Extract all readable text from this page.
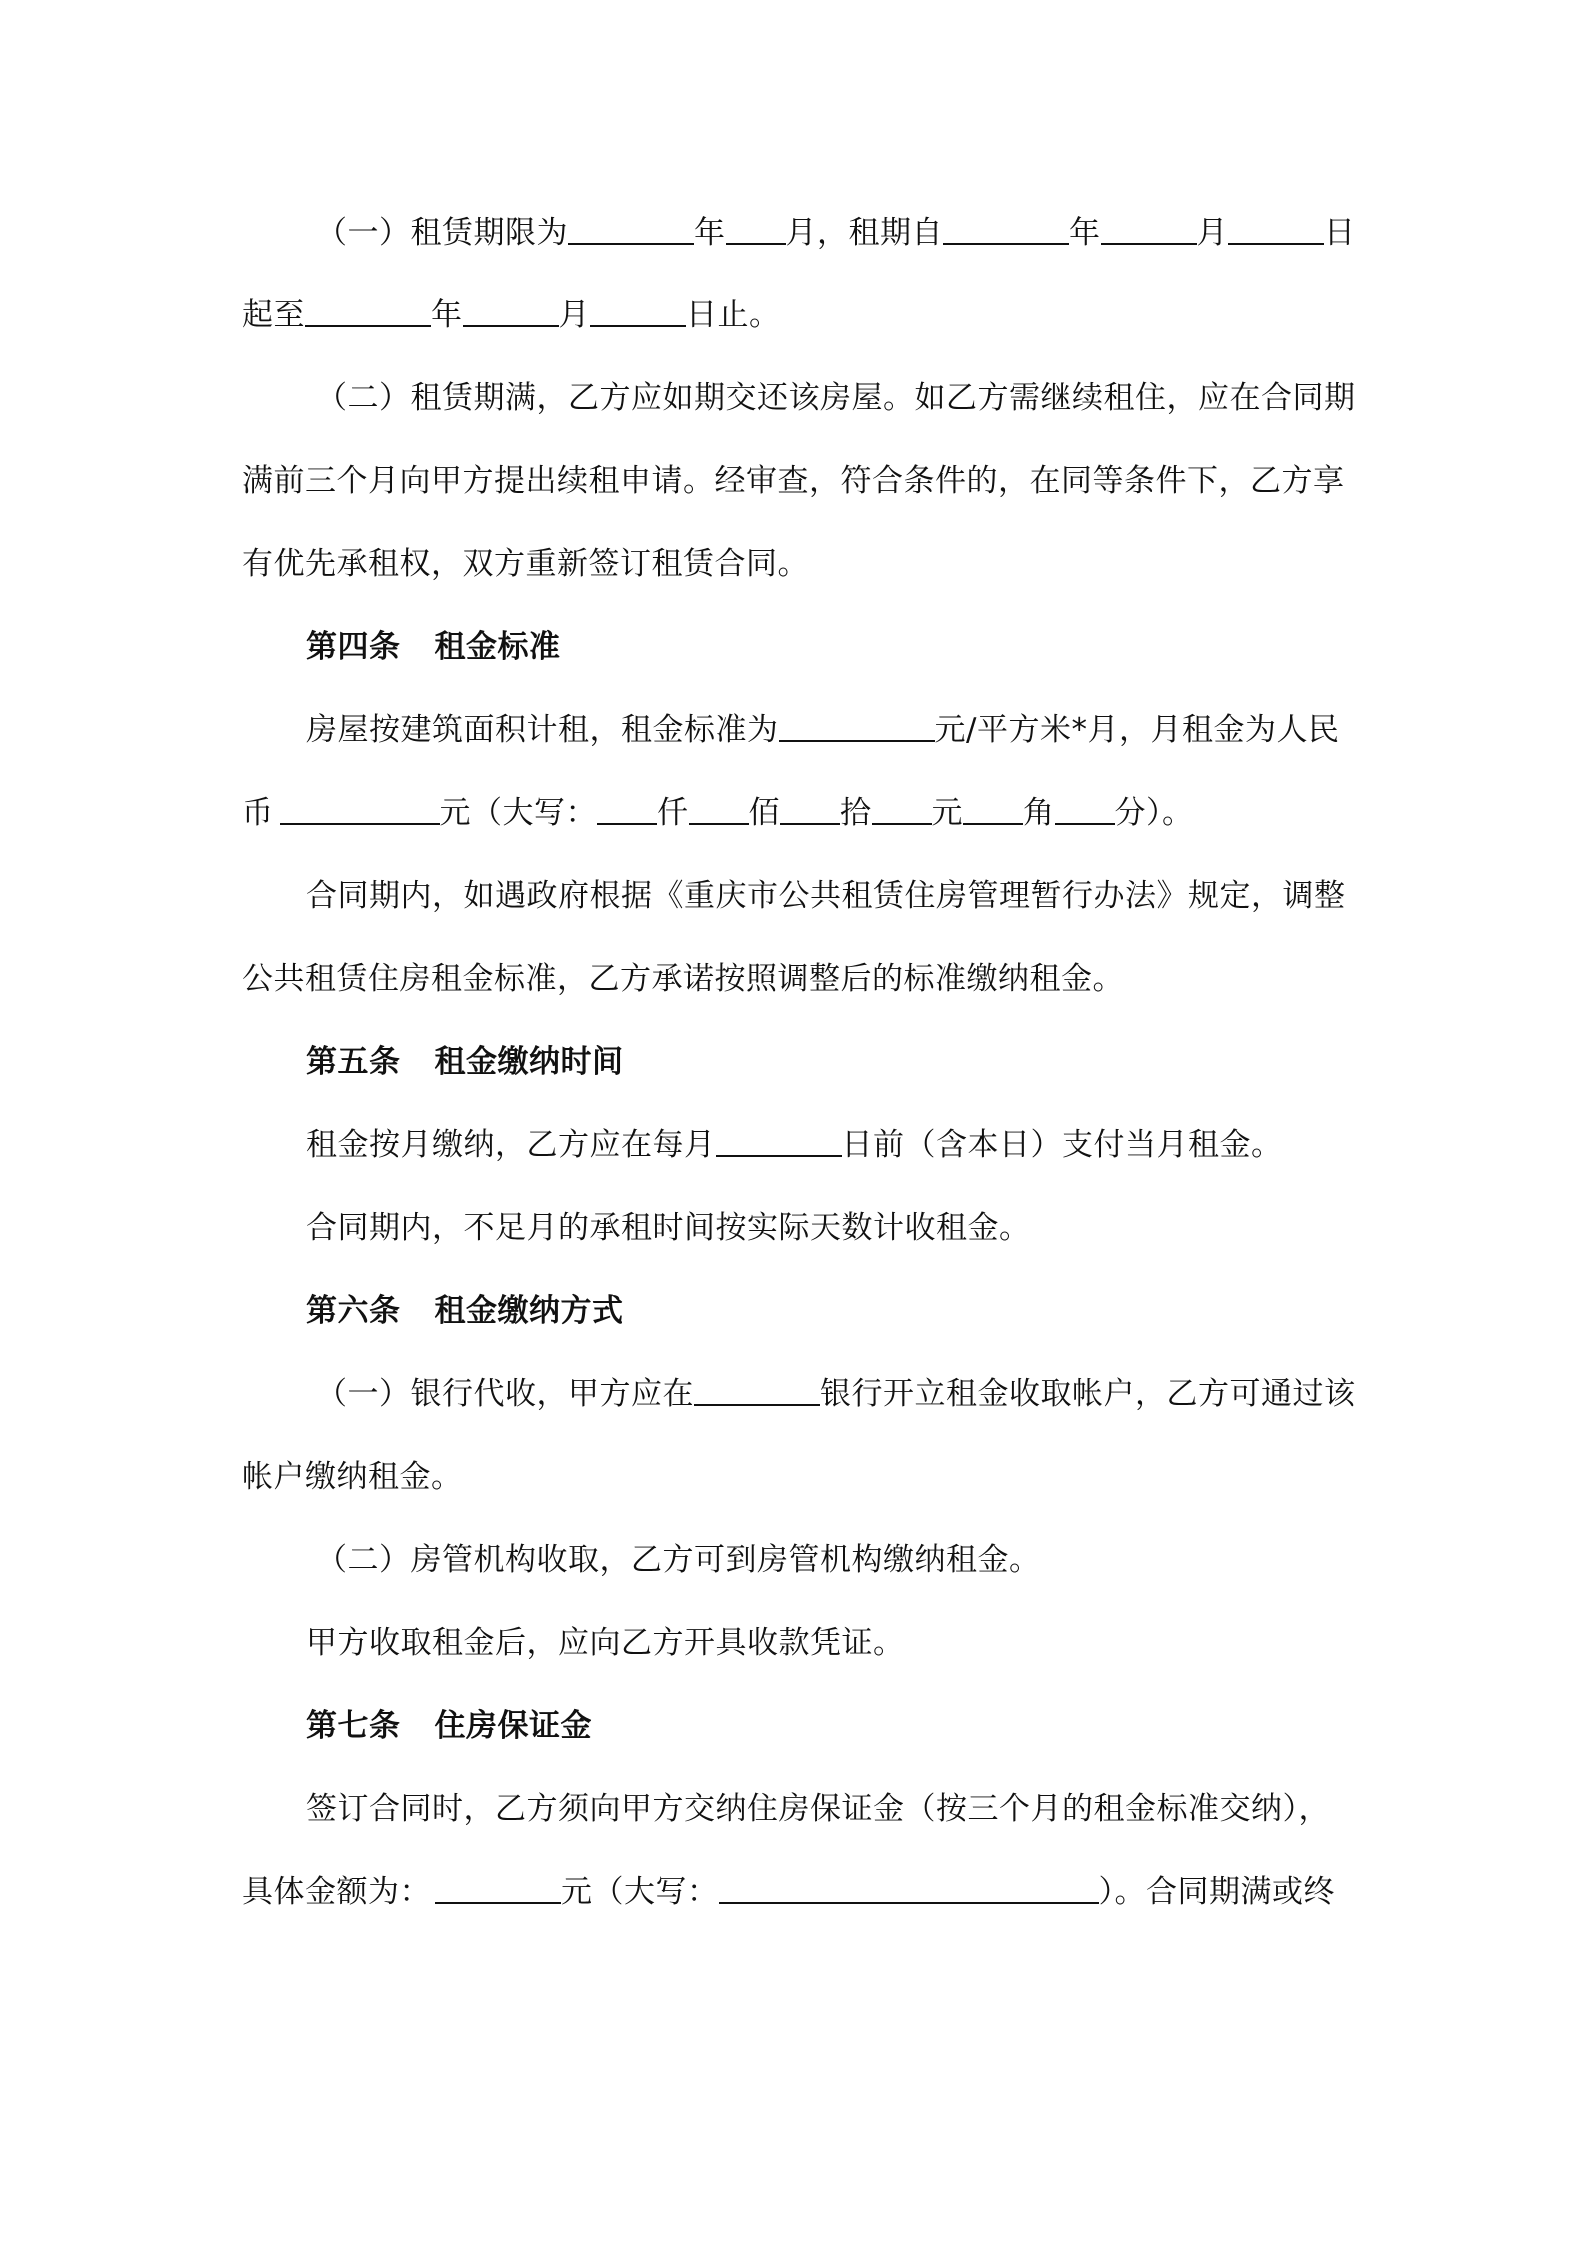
（一）租赁期限为	年 月，租期自	年	月	日
起至	年	月	日止。
（二）租赁期满，乙方应如期交还该房屋。如乙方需继续租住，应在合同期
满前三个月向甲方提出续租申请。经审查，符合条件的，在同等条件下，乙方享
有优先承租权，双方重新签订租赁合同。
第四条 租金标准
房屋按建筑面积计租，租金标准为	元/平方米*月，月租金为人民
币	元（大写： 仟 佰 拾 元 角 分）。
合同期内，如遇政府根据《重庆市公共租赁住房管理暂行办法》规定，调整
公共租赁住房租金标准，乙方承诺按照调整后的标准缴纳租金。
第五条 租金缴纳时间
租金按月缴纳，乙方应在每月	日前（含本日）支付当月租金。
合同期内，不足月的承租时间按实际天数计收租金。
第六条 租金缴纳方式
（一）银行代收，甲方应在	银行开立租金收取帐户，乙方可通过该
帐户缴纳租金。
（二）房管机构收取，乙方可到房管机构缴纳租金。
甲方收取租金后，应向乙方开具收款凭证。
第七条 住房保证金
签订合同时，乙方须向甲方交纳住房保证金（按三个月的租金标准交纳），
具体金额为：	元（大写：	）。合同期满或终
